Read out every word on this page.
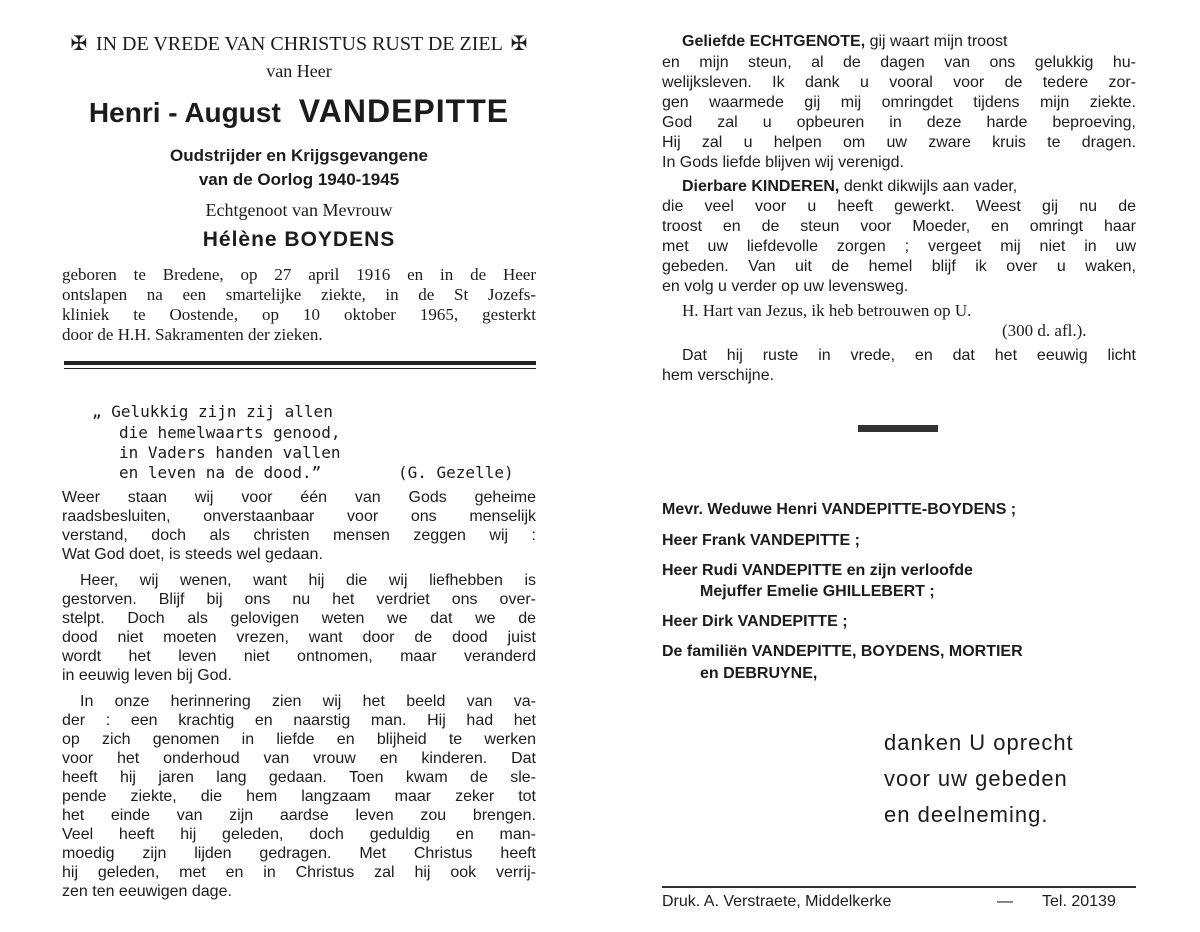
✠ IN DE VREDE VAN CHRISTUS RUST DE ZIEL ✠
van Heer
Henri - August VANDEPITTE
Oudstrijder en Krijgsgevangene
van de Oorlog 1940-1945
Echtgenoot van Mevrouw
Hélène BOYDENS
geboren te Bredene, op 27 april 1916 en in de Heer
ontslapen na een smartelijke ziekte, in de St Jozefs-
kliniek te Oostende, op 10 oktober 1965, gesterkt
door de H.H. Sakramenten der zieken.
„ Gelukkig zijn zij allen
die hemelwaarts genood,
in Vaders handen vallen
en leven na de dood.”	(G. Gezelle)
Weer staan wij voor één van Gods geheime
raadsbesluiten, onverstaanbaar voor ons menselijk
verstand, doch als christen mensen zeggen wij :
Wat God doet, is steeds wel gedaan.
Heer, wij wenen, want hij die wij liefhebben is
gestorven. Blijf bij ons nu het verdriet ons over-
stelpt. Doch als gelovigen weten we dat we de
dood niet moeten vrezen, want door de dood juist
wordt het leven niet ontnomen, maar veranderd
in eeuwig leven bij God.
In onze herinnering zien wij het beeld van va-
der : een krachtig en naarstig man. Hij had het
op zich genomen in liefde en blijheid te werken
voor het onderhoud van vrouw en kinderen. Dat
heeft hij jaren lang gedaan. Toen kwam de sle-
pende ziekte, die hem langzaam maar zeker tot
het einde van zijn aardse leven zou brengen.
Veel heeft hij geleden, doch geduldig en man-
moedig zijn lijden gedragen. Met Christus heeft
hij geleden, met en in Christus zal hij ook verrij-
zen ten eeuwigen dage.
Geliefde ECHTGENOTE, gij waart mijn troost
en mijn steun, al de dagen van ons gelukkig hu-
welijksleven. Ik dank u vooral voor de tedere zor-
gen waarmede gij mij omringdet tijdens mijn ziekte.
God zal u opbeuren in deze harde beproeving,
Hij zal u helpen om uw zware kruis te dragen.
In Gods liefde blijven wij verenigd.
Dierbare KINDEREN, denkt dikwijls aan vader,
die veel voor u heeft gewerkt. Weest gij nu de
troost en de steun voor Moeder, en omringt haar
met uw liefdevolle zorgen ; vergeet mij niet in uw
gebeden. Van uit de hemel blijf ik over u waken,
en volg u verder op uw levensweg.
H. Hart van Jezus, ik heb betrouwen op U.
(300 d. afl.).
Dat hij ruste in vrede, en dat het eeuwig licht
hem verschijne.
Mevr. Weduwe Henri VANDEPITTE-BOYDENS ;
Heer Frank VANDEPITTE ;
Heer Rudi VANDEPITTE en zijn verloofde
Mejuffer Emelie GHILLEBERT ;
Heer Dirk VANDEPITTE ;
De familiën VANDEPITTE, BOYDENS, MORTIER
en DEBRUYNE,
danken U oprecht
voor uw gebeden
en deelneming.
Druk. A. Verstraete, Middelkerke	— Tel. 20139
